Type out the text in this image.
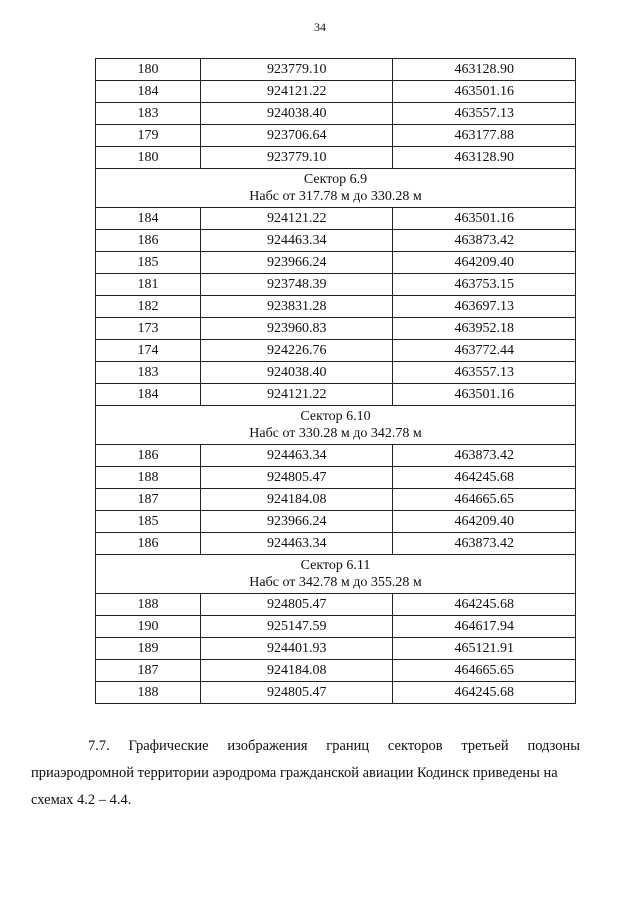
34
180	923779.10	463128.90
184	924121.22	463501.16
183	924038.40	463557.13
179	923706.64	463177.88
180	923779.10	463128.90

Сектор 6.9
Набс от 317.78 м до 330.28 м		

184	924121.22	463501.16
186	924463.34	463873.42
185	923966.24	464209.40
181	923748.39	463753.15
182	923831.28	463697.13
173	923960.83	463952.18
174	924226.76	463772.44
183	924038.40	463557.13
184	924121.22	463501.16

Сектор 6.10
Набс от 330.28 м до 342.78 м		

186	924463.34	463873.42
188	924805.47	464245.68
187	924184.08	464665.65
185	923966.24	464209.40
186	924463.34	463873.42

Сектор 6.11
Набс от 342.78 м до 355.28 м		

188	924805.47	464245.68
190	925147.59	464617.94
189	924401.93	465121.91
187	924184.08	464665.65
188	924805.47	464245.68
7.7. Графические изображения границ секторов третьей подзоны
приаэродромной территории аэродрома гражданской авиации Кодинск приведены на
схемах 4.2 – 4.4.
